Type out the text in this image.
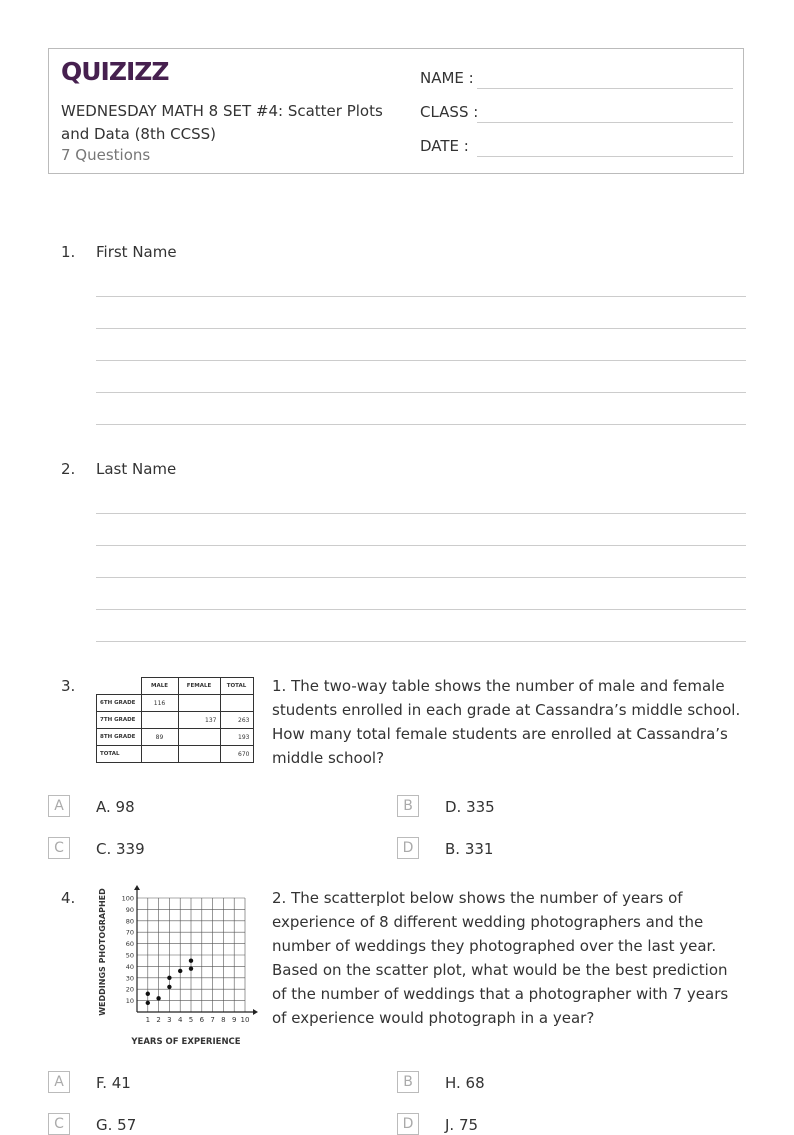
QUIZIZZ
WEDNESDAY MATH 8 SET #4: Scatter Plots and Data (8th CCSS)
7 Questions
NAME :
CLASS :
DATE :
1. First Name
2. Last Name
3.
		MALE	FEMALE	TOTAL
6TH GRADE	116		
7TH GRADE		137	263
8TH GRADE	89		193
TOTAL			670
1. The two-way table shows the number of male and female students enrolled in each grade at Cassandra’s middle school. How many total female students are enrolled at Cassandra’s middle school?
A	A. 98	B	D. 335
C	C. 339	D	B. 331
4.
1 2 3 4 5 6 7 8 9 10
10
20
30
40
50
60
70
80
90
100
YEARS OF EXPERIENCE
WEDDINGS PHOTOGRAPHED	2. The scatterplot below shows the number of years of experience of 8 different wedding photographers and the number of weddings they photographed over the last year. Based on the scatter plot, what would be the best prediction of the number of weddings that a photographer with 7 years of experience would photograph in a year?
A	F. 41	B	H. 68
C	G. 57	D	J. 75
